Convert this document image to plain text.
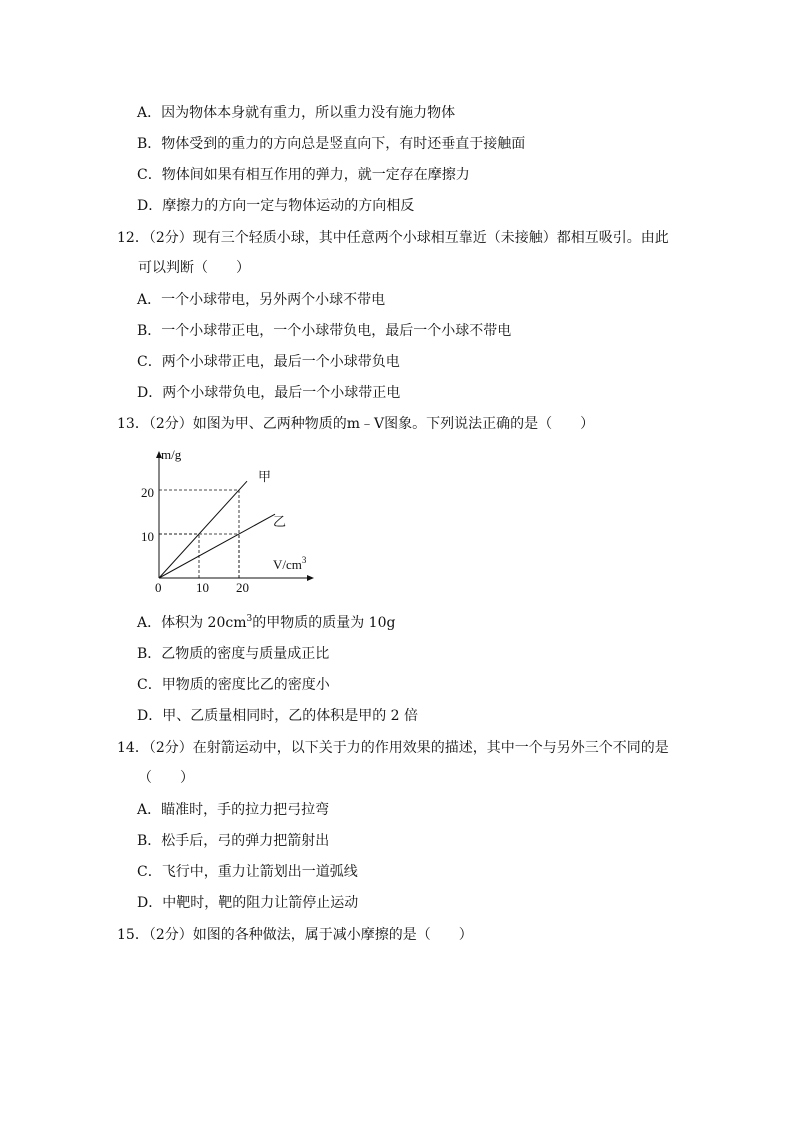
A．因为物体本身就有重力，所以重力没有施力物体
B．物体受到的重力的方向总是竖直向下，有时还垂直于接触面
C．物体间如果有相互作用的弹力，就一定存在摩擦力
D．摩擦力的方向一定与物体运动的方向相反
12．（2分）现有三个轻质小球，其中任意两个小球相互靠近（未接触）都相互吸引。由此
可以判断（　　）
A．一个小球带电，另外两个小球不带电
B．一个小球带正电，一个小球带负电，最后一个小球不带电
C．两个小球带正电，最后一个小球带负电
D．两个小球带负电，最后一个小球带正电
13．（2分）如图为甲、乙两种物质的m﹣V图象。下列说法正确的是（　　）
m/g
$V/cm^3$
0	10 20
10
20
甲
乙
A．体积为 $20cm^3$的甲物质的质量为 10g
B．乙物质的密度与质量成正比
C．甲物质的密度比乙的密度小
D．甲、乙质量相同时，乙的体积是甲的 2 倍
14．（2分）在射箭运动中，以下关于力的作用效果的描述，其中一个与另外三个不同的是
（　　）
A．瞄准时，手的拉力把弓拉弯
B．松手后，弓的弹力把箭射出
C．飞行中，重力让箭划出一道弧线
D．中靶时，靶的阻力让箭停止运动
15．（2分）如图的各种做法，属于减小摩擦的是（　　）
